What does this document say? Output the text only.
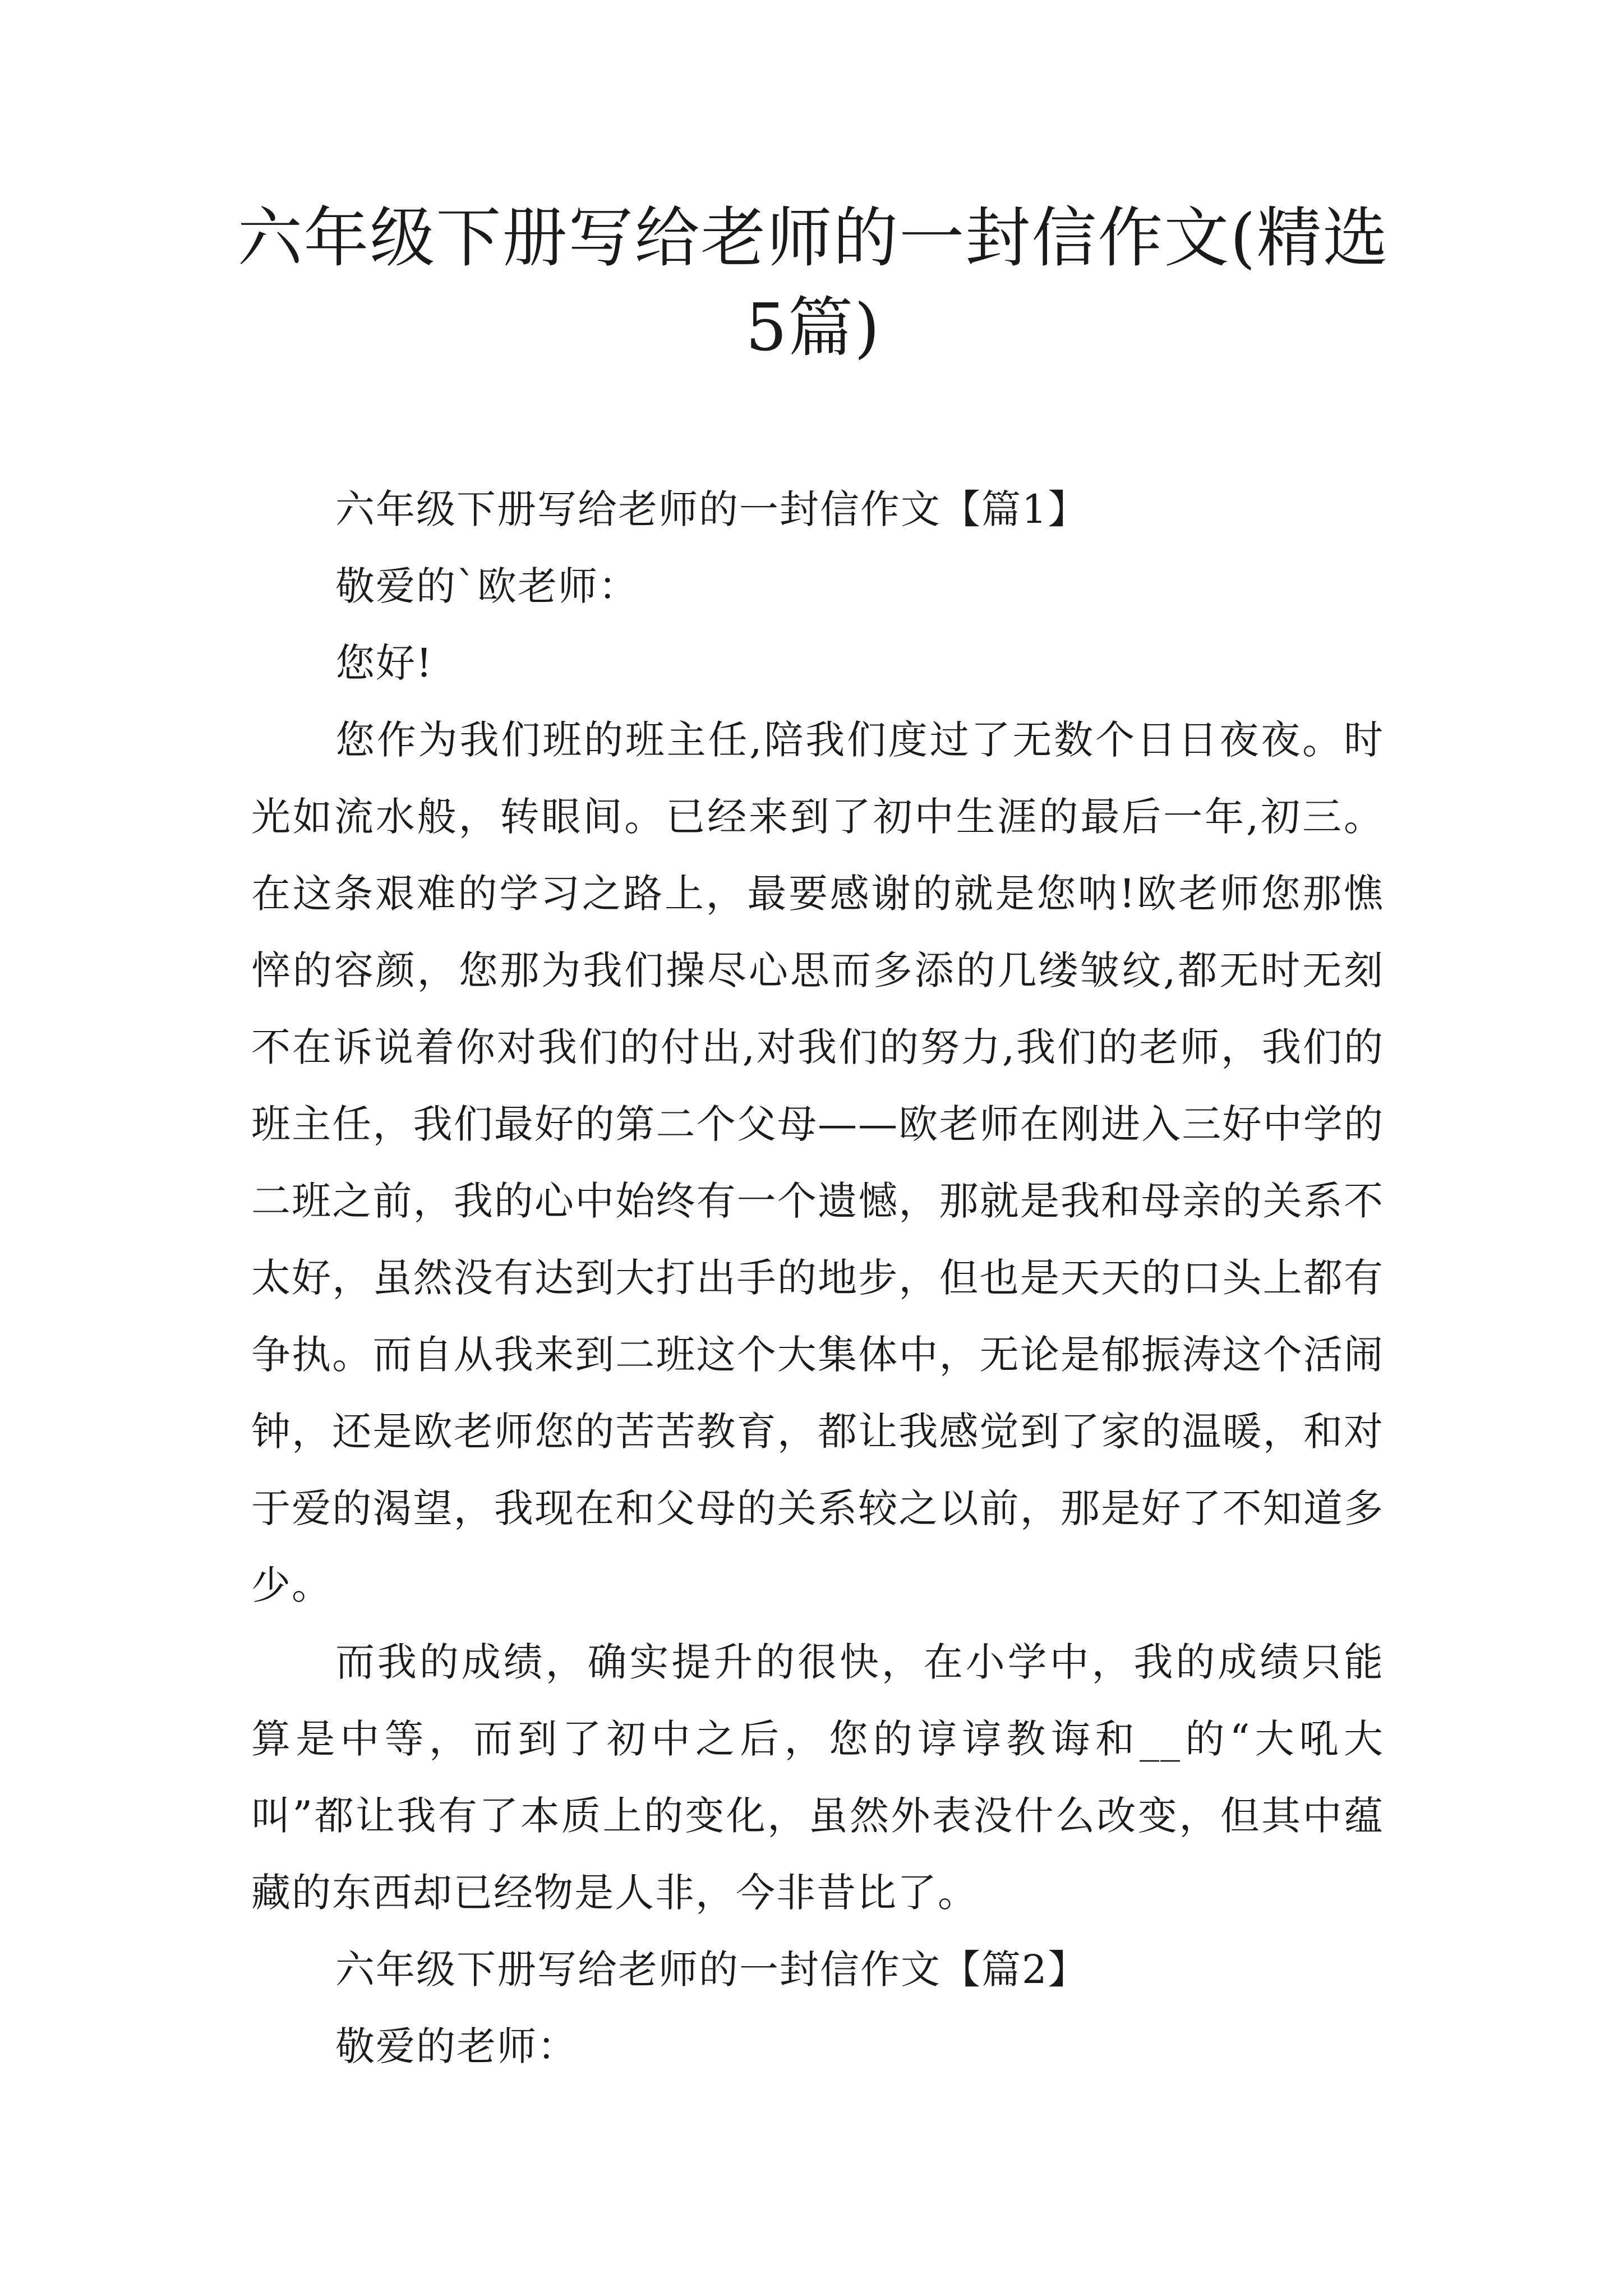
六年级下册写给老师的一封信作文(精选5篇)

六年级下册写给老师的一封信作文【篇1】

敬爱的`欧老师：

您好!

您作为我们班的班主任,陪我们度过了无数个日日夜夜。时光如流水般，转眼间。已经来到了初中生涯的最后一年,初三。在这条艰难的学习之路上，最要感谢的就是您呐!欧老师您那憔悴的容颜，您那为我们操尽心思而多添的几缕皱纹,都无时无刻不在诉说着你对我们的付出,对我们的努力,我们的老师，我们的班主任，我们最好的第二个父母——欧老师在刚进入三好中学的二班之前，我的心中始终有一个遗憾，那就是我和母亲的关系不太好，虽然没有达到大打出手的地步，但也是天天的口头上都有争执。而自从我来到二班这个大集体中，无论是郁振涛这个活闹钟，还是欧老师您的苦苦教育，都让我感觉到了家的温暖，和对于爱的渴望，我现在和父母的关系较之以前，那是好了不知道多少。

而我的成绩，确实提升的很快，在小学中，我的成绩只能算是中等，而到了初中之后，您的谆谆教诲和__的“大吼大叫”都让我有了本质上的变化，虽然外表没什么改变，但其中蕴藏的东西却已经物是人非，今非昔比了。

六年级下册写给老师的一封信作文【篇2】

敬爱的老师：
